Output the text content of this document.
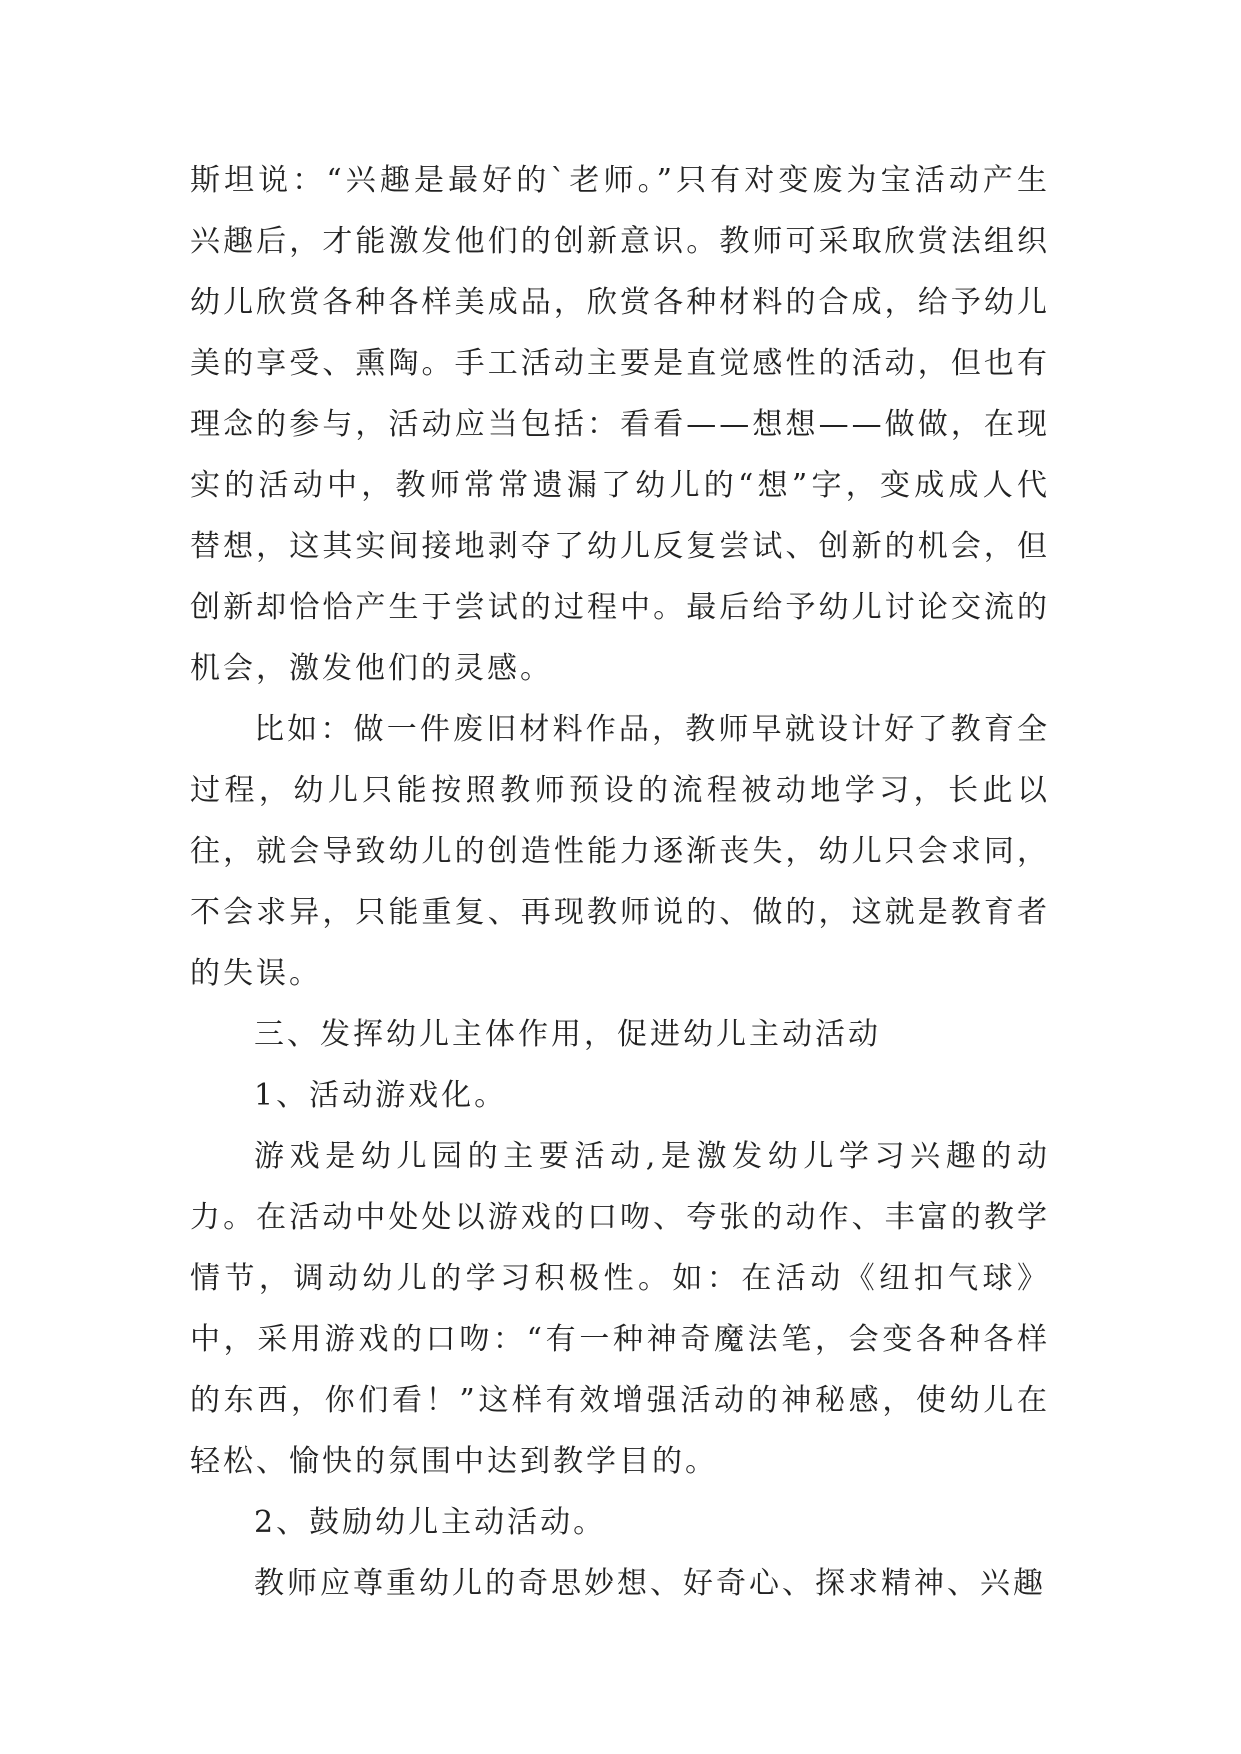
斯坦说：“兴趣是最好的`老师。”只有对变废为宝活动产生兴趣后，才能激发他们的创新意识。教师可采取欣赏法组织幼儿欣赏各种各样美成品，欣赏各种材料的合成，给予幼儿美的享受、熏陶。手工活动主要是直觉感性的活动，但也有理念的参与，活动应当包括：看看——想想——做做，在现实的活动中，教师常常遗漏了幼儿的“想”字，变成成人代替想，这其实间接地剥夺了幼儿反复尝试、创新的机会，但创新却恰恰产生于尝试的过程中。最后给予幼儿讨论交流的机会，激发他们的灵感。

比如：做一件废旧材料作品，教师早就设计好了教育全过程，幼儿只能按照教师预设的流程被动地学习，长此以往，就会导致幼儿的创造性能力逐渐丧失，幼儿只会求同，不会求异，只能重复、再现教师说的、做的，这就是教育者的失误。

三、发挥幼儿主体作用，促进幼儿主动活动

1、活动游戏化。

游戏是幼儿园的主要活动,是激发幼儿学习兴趣的动力。在活动中处处以游戏的口吻、夸张的动作、丰富的教学情节，调动幼儿的学习积极性。如：在活动《纽扣气球》中，采用游戏的口吻：“有一种神奇魔法笔，会变各种各样的东西，你们看！”这样有效增强活动的神秘感，使幼儿在轻松、愉快的氛围中达到教学目的。

2、鼓励幼儿主动活动。

教师应尊重幼儿的奇思妙想、好奇心、探求精神、兴趣
